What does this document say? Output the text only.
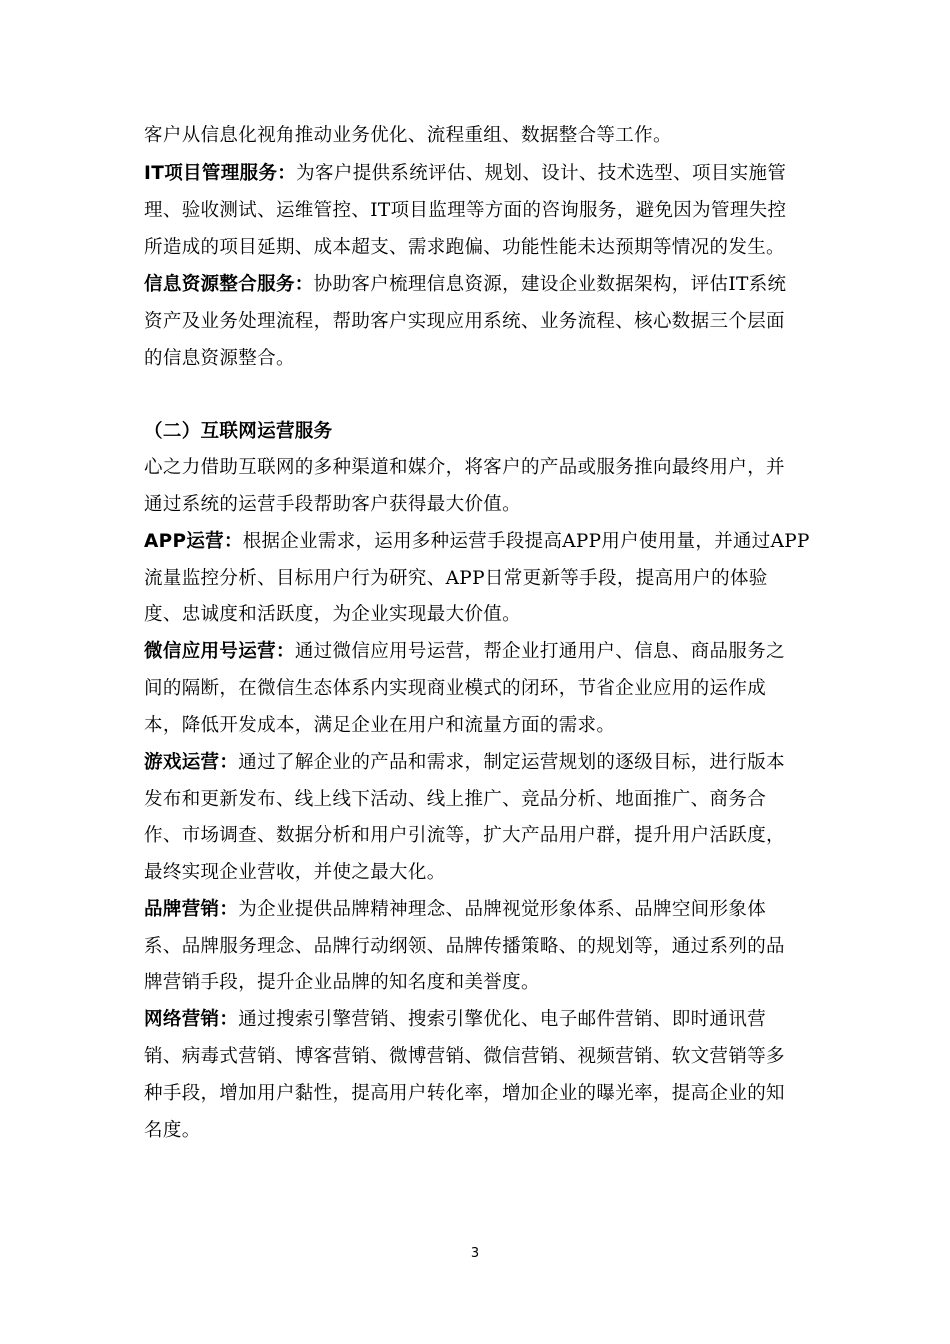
客户从信息化视角推动业务优化、流程重组、数据整合等工作。
IT项目管理服务：为客户提供系统评估、规划、设计、技术选型、项目实施管
理、验收测试、运维管控、IT项目监理等方面的咨询服务，避免因为管理失控
所造成的项目延期、成本超支、需求跑偏、功能性能未达预期等情况的发生。
信息资源整合服务：协助客户梳理信息资源，建设企业数据架构，评估IT系统
资产及业务处理流程，帮助客户实现应用系统、业务流程、核心数据三个层面
的信息资源整合。
（二）互联网运营服务
心之力借助互联网的多种渠道和媒介，将客户的产品或服务推向最终用户，并
通过系统的运营手段帮助客户获得最大价值。
APP运营：根据企业需求，运用多种运营手段提高APP用户使用量，并通过APP
流量监控分析、目标用户行为研究、APP日常更新等手段，提高用户的体验
度、忠诚度和活跃度，为企业实现最大价值。
微信应用号运营：通过微信应用号运营，帮企业打通用户、信息、商品服务之
间的隔断，在微信生态体系内实现商业模式的闭环，节省企业应用的运作成
本，降低开发成本，满足企业在用户和流量方面的需求。
游戏运营：通过了解企业的产品和需求，制定运营规划的逐级目标，进行版本
发布和更新发布、线上线下活动、线上推广、竞品分析、地面推广、商务合
作、市场调查、数据分析和用户引流等，扩大产品用户群，提升用户活跃度，
最终实现企业营收，并使之最大化。
品牌营销：为企业提供品牌精神理念、品牌视觉形象体系、品牌空间形象体
系、品牌服务理念、品牌行动纲领、品牌传播策略、的规划等，通过系列的品
牌营销手段，提升企业品牌的知名度和美誉度。
网络营销：通过搜索引擎营销、搜索引擎优化、电子邮件营销、即时通讯营
销、病毒式营销、博客营销、微博营销、微信营销、视频营销、软文营销等多
种手段，增加用户黏性，提高用户转化率，增加企业的曝光率，提高企业的知
名度。
3
